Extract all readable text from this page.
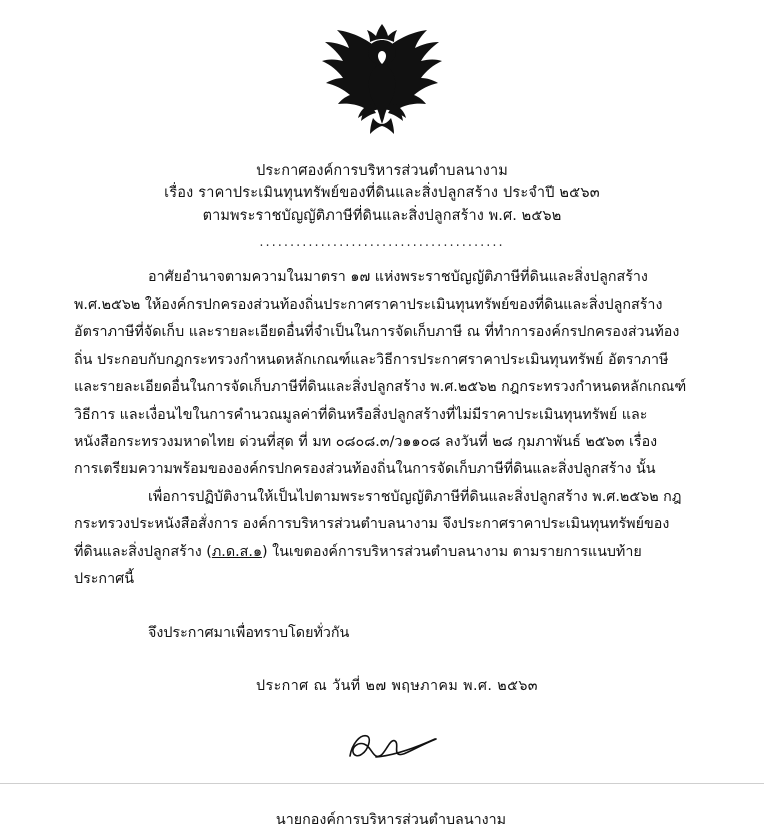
ประกาศองค์การบริหารส่วนตำบลนางาม
เรื่อง ราคาประเมินทุนทรัพย์ของที่ดินและสิ่งปลูกสร้าง ประจำปี ๒๕๖๓
ตามพระราชบัญญัติภาษีที่ดินและสิ่งปลูกสร้าง พ.ศ. ๒๕๖๒
........................................

อาศัยอำนาจตามความในมาตรา ๑๗ แห่งพระราชบัญญัติภาษีที่ดินและสิ่งปลูกสร้าง พ.ศ.๒๕๖๒ ให้องค์กรปกครองส่วนท้องถิ่นประกาศราคาประเมินทุนทรัพย์ของที่ดินและสิ่งปลูกสร้าง อัตราภาษีที่จัดเก็บ และรายละเอียดอื่นที่จำเป็นในการจัดเก็บภาษี ณ ที่ทำการองค์กรปกครองส่วนท้องถิ่น ประกอบกับกฎกระทรวงกำหนดหลักเกณฑ์และวิธีการประกาศราคาประเมินทุนทรัพย์ อัตราภาษีและรายละเอียดอื่นในการจัดเก็บภาษีที่ดินและสิ่งปลูกสร้าง พ.ศ.๒๕๖๒ กฎกระทรวงกำหนดหลักเกณฑ์ วิธีการ และเงื่อนไขในการคำนวณมูลค่าที่ดินหรือสิ่งปลูกสร้างที่ไม่มีราคาประเมินทุนทรัพย์ และหนังสือกระทรวงมหาดไทย ด่วนที่สุด ที่ มท ๐๘๐๘.๓/ว๑๑๐๘ ลงวันที่ ๒๘ กุมภาพันธ์ ๒๕๖๓ เรื่อง การเตรียมความพร้อมขององค์กรปกครองส่วนท้องถิ่นในการจัดเก็บภาษีที่ดินและสิ่งปลูกสร้าง นั้น

เพื่อการปฏิบัติงานให้เป็นไปตามพระราชบัญญัติภาษีที่ดินและสิ่งปลูกสร้าง พ.ศ.๒๕๖๒ กฎกระทรวงประหนังสือสั่งการ องค์การบริหารส่วนตำบลนางาม จึงประกาศราคาประเมินทุนทรัพย์ของที่ดินและสิ่งปลูกสร้าง (ภ.ด.ส.๑) ในเขตองค์การบริหารส่วนตำบลนางาม ตามรายการแนบท้ายประกาศนี้

จึงประกาศมาเพื่อทราบโดยทั่วกัน

ประกาศ ณ วันที่ ๒๗ พฤษภาคม พ.ศ. ๒๕๖๓
นายกองค์การบริหารส่วนตำบลนางาม
